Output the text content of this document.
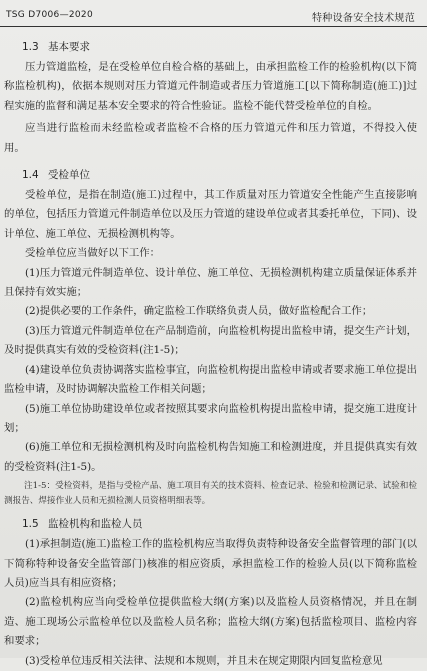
TSG D7006—2020	特种设备安全技术规范
1.3 基本要求

压力管道监检，是在受检单位自检合格的基础上，由承担监检工作的检验机构(以下简称监检机构)，依据本规则对压力管道元件制造或者压力管道施工[以下简称制造(施工)]过程实施的监督和满足基本安全要求的符合性验证。监检不能代替受检单位的自检。

应当进行监检而未经监检或者监检不合格的压力管道元件和压力管道，不得投入使用。

1.4 受检单位

受检单位，是指在制造(施工)过程中，其工作质量对压力管道安全性能产生直接影响的单位，包括压力管道元件制造单位以及压力管道的建设单位或者其委托单位，下同)、设计单位、施工单位、无损检测机构等。

受检单位应当做好以下工作：

(1)压力管道元件制造单位、设计单位、施工单位、无损检测机构建立质量保证体系并且保持有效实施；

(2)提供必要的工作条件，确定监检工作联络负责人员，做好监检配合工作；

(3)压力管道元件制造单位在产品制造前，向监检机构提出监检申请，提交生产计划，及时提供真实有效的受检资料(注1-5)；

(4)建设单位负责协调落实监检事宜，向监检机构提出监检申请或者要求施工单位提出监检申请，及时协调解决监检工作相关问题；

(5)施工单位协助建设单位或者按照其要求向监检机构提出监检申请，提交施工进度计划；

(6)施工单位和无损检测机构及时向监检机构告知施工和检测进度，并且提供真实有效的受检资料(注1-5)。

注1-5：受检资料，是指与受检产品、施工项目有关的技术资料、检查记录、检验和检测记录、试验和检测报告、焊接作业人员和无损检测人员资格明细表等。

1.5 监检机构和监检人员

(1)承担制造(施工)监检工作的监检机构应当取得负责特种设备安全监督管理的部门(以下简称特种设备安全监管部门)核准的相应资质，承担监检工作的检验人员(以下简称监检人员)应当具有相应资格；

(2)监检机构应当向受检单位提供监检大纲(方案)以及监检人员资格情况，并且在制造、施工现场公示监检单位以及监检人员名称；监检大纲(方案)包括监检项目、监检内容和要求；

(3)受检单位违反相关法律、法规和本规则，并且未在规定期限内回复监检意见
